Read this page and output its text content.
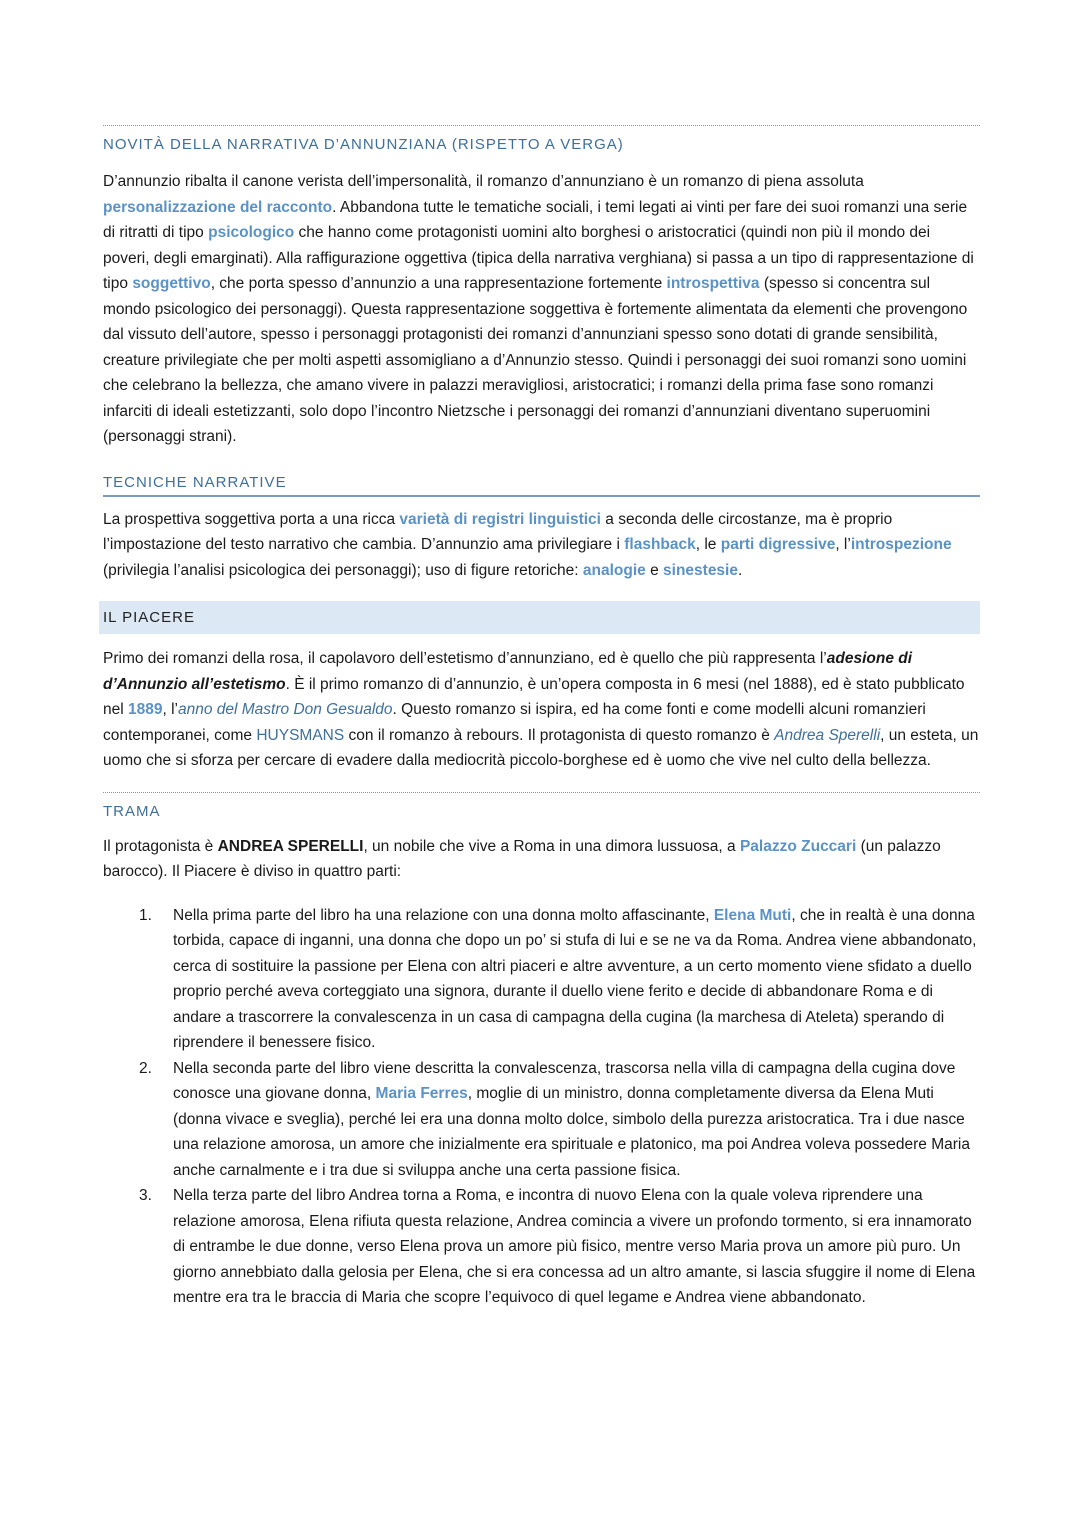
NOVITÀ DELLA NARRATIVA D’ANNUNZIANA (RISPETTO A VERGA)

D’annunzio ribalta il canone verista dell’impersonalità, il romanzo d’annunziano è un romanzo di piena assoluta personalizzazione del racconto. Abbandona tutte le tematiche sociali, i temi legati ai vinti per fare dei suoi romanzi una serie di ritratti di tipo psicologico che hanno come protagonisti uomini alto borghesi o aristocratici (quindi non più il mondo dei poveri, degli emarginati). Alla raffigurazione oggettiva (tipica della narrativa verghiana) si passa a un tipo di rappresentazione di tipo soggettivo, che porta spesso d’annunzio a una rappresentazione fortemente introspettiva (spesso si concentra sul mondo psicologico dei personaggi). Questa rappresentazione soggettiva è fortemente alimentata da elementi che provengono dal vissuto dell’autore, spesso i personaggi protagonisti dei romanzi d’annunziani spesso sono dotati di grande sensibilità, creature privilegiate che per molti aspetti assomigliano a d’Annunzio stesso. Quindi i personaggi dei suoi romanzi sono uomini che celebrano la bellezza, che amano vivere in palazzi meravigliosi, aristocratici; i romanzi della prima fase sono romanzi infarciti di ideali estetizzanti, solo dopo l’incontro Nietzsche i personaggi dei romanzi d’annunziani diventano superuomini (personaggi strani).

TECNICHE NARRATIVE

La prospettiva soggettiva porta a una ricca varietà di registri linguistici a seconda delle circostanze, ma è proprio l’impostazione del testo narrativo che cambia. D’annunzio ama privilegiare i flashback, le parti digressive, l’introspezione (privilegia l’analisi psicologica dei personaggi); uso di figure retoriche: analogie e sinestesie.

IL PIACERE

Primo dei romanzi della rosa, il capolavoro dell’estetismo d’annunziano, ed è quello che più rappresenta l’adesione di d’Annunzio all’estetismo. È il primo romanzo di d’annunzio, è un’opera composta in 6 mesi (nel 1888), ed è stato pubblicato nel 1889, l’anno del Mastro Don Gesualdo. Questo romanzo si ispira, ed ha come fonti e come modelli alcuni romanzieri contemporanei, come HUYSMANS con il romanzo à rebours. Il protagonista di questo romanzo è Andrea Sperelli, un esteta, un uomo che si sforza per cercare di evadere dalla mediocrità piccolo-borghese ed è uomo che vive nel culto della bellezza.

TRAMA

Il protagonista è ANDREA SPERELLI, un nobile che vive a Roma in una dimora lussuosa, a Palazzo Zuccari (un palazzo barocco). Il Piacere è diviso in quattro parti:

1. Nella prima parte del libro ha una relazione con una donna molto affascinante, Elena Muti, che in realtà è una donna torbida, capace di inganni, una donna che dopo un po’ si stufa di lui e se ne va da Roma. Andrea viene abbandonato, cerca di sostituire la passione per Elena con altri piaceri e altre avventure, a un certo momento viene sfidato a duello proprio perché aveva corteggiato una signora, durante il duello viene ferito e decide di abbandonare Roma e di andare a trascorrere la convalescenza in un casa di campagna della cugina (la marchesa di Ateleta) sperando di riprendere il benessere fisico.
2. Nella seconda parte del libro viene descritta la convalescenza, trascorsa nella villa di campagna della cugina dove conosce una giovane donna, Maria Ferres, moglie di un ministro, donna completamente diversa da Elena Muti (donna vivace e sveglia), perché lei era una donna molto dolce, simbolo della purezza aristocratica. Tra i due nasce una relazione amorosa, un amore che inizialmente era spirituale e platonico, ma poi Andrea voleva possedere Maria anche carnalmente e i tra due si sviluppa anche una certa passione fisica.
3. Nella terza parte del libro Andrea torna a Roma, e incontra di nuovo Elena con la quale voleva riprendere una relazione amorosa, Elena rifiuta questa relazione, Andrea comincia a vivere un profondo tormento, si era innamorato di entrambe le due donne, verso Elena prova un amore più fisico, mentre verso Maria prova un amore più puro. Un giorno annebbiato dalla gelosia per Elena, che si era concessa ad un altro amante, si lascia sfuggire il nome di Elena mentre era tra le braccia di Maria che scopre l’equivoco di quel legame e Andrea viene abbandonato.
